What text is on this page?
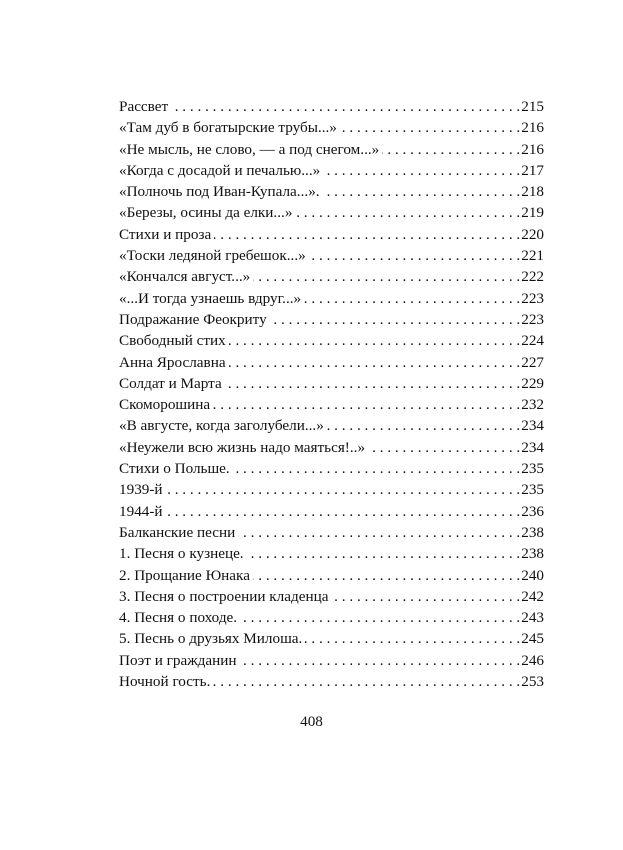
Рассвет . . .	215
«Там дуб в богатырские трубы...» . . .	216
«Не мысль, не слово, — а под снегом...» . . .	216
«Когда с досадой и печалью...» . . .	217
«Полночь под Иван-Купала...». . . .	218
«Березы, осины да елки...» . . .	219
Стихи и проза . . .	220
«Тоски ледяной гребешок...» . . .	221
«Кончался август...» . . .	222
«...И тогда узнаешь вдруг...» . . .	223
Подражание Феокриту . . .	223
Свободный стих . . .	224
Анна Ярославна . . .	227
Солдат и Марта . . .	229
Скоморошина . . .	232
«В августе, когда заголубели...» . . .	234
«Неужели всю жизнь надо маяться!..» . . .	234
Стихи о Польше. . . .	235
1939-й . . .	235
1944-й . . .	236
Балканские песни . . .	238
1. Песня о кузнеце. . . .	238
2. Прощание Юнака . . .	240
3. Песня о построении кладенца . . .	242
4. Песня о походе. . . .	243
5. Песнь о друзьях Милоша. . . .	245
Поэт и гражданин . . .	246
Ночной гость. . . .	253
408
